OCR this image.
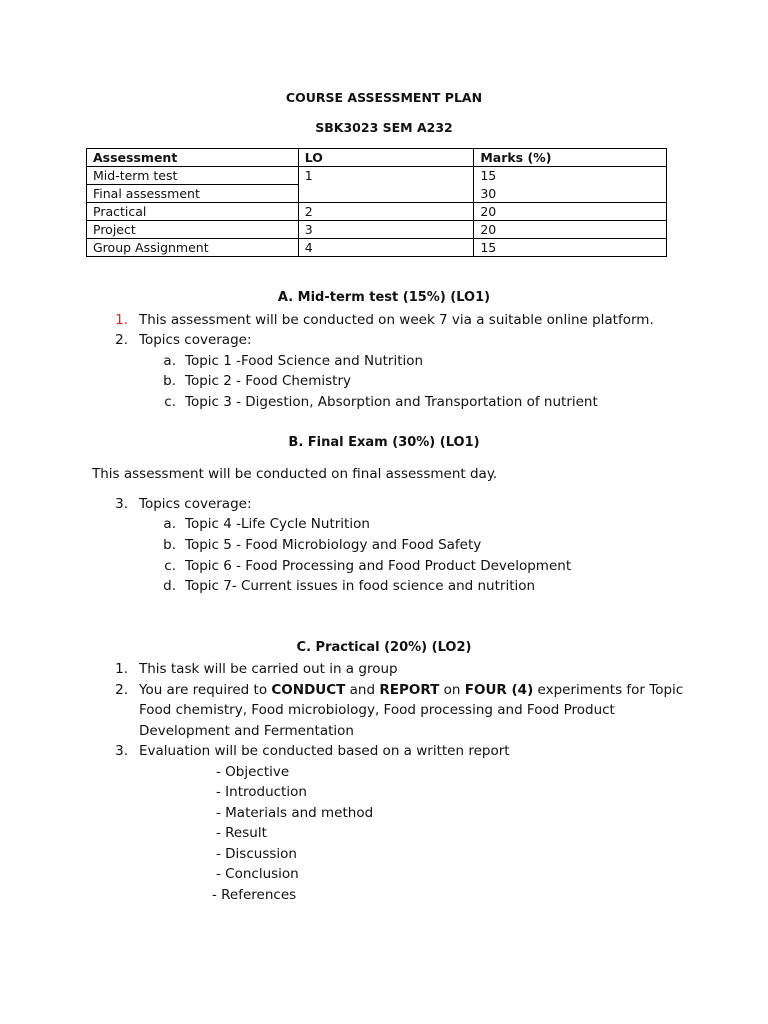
COURSE ASSESSMENT PLAN
SBK3023 SEM A232
Assessment	LO	Marks (%)
Mid-term test	1	15
Final assessment		30
Practical	2	20
Project	3	20
Group Assignment	4	15
A. Mid-term test (15%) (LO1)
1. This assessment will be conducted on week 7 via a suitable online platform.
2. Topics coverage:
a. Topic 1 -Food Science and Nutrition
b. Topic 2 - Food Chemistry
c. Topic 3 - Digestion, Absorption and Transportation of nutrient
B. Final Exam (30%) (LO1)
This assessment will be conducted on final assessment day.
3. Topics coverage:
a. Topic 4 -Life Cycle Nutrition
b. Topic 5 - Food Microbiology and Food Safety
c. Topic 6 - Food Processing and Food Product Development
d. Topic 7- Current issues in food science and nutrition
C. Practical (20%) (LO2)
1. This task will be carried out in a group
2. You are required to CONDUCT and REPORT on FOUR (4) experiments for Topic
Food chemistry, Food microbiology, Food processing and Food Product
Development and Fermentation
3. Evaluation will be conducted based on a written report
- Objective
- Introduction
- Materials and method
- Result
- Discussion
- Conclusion
- References
